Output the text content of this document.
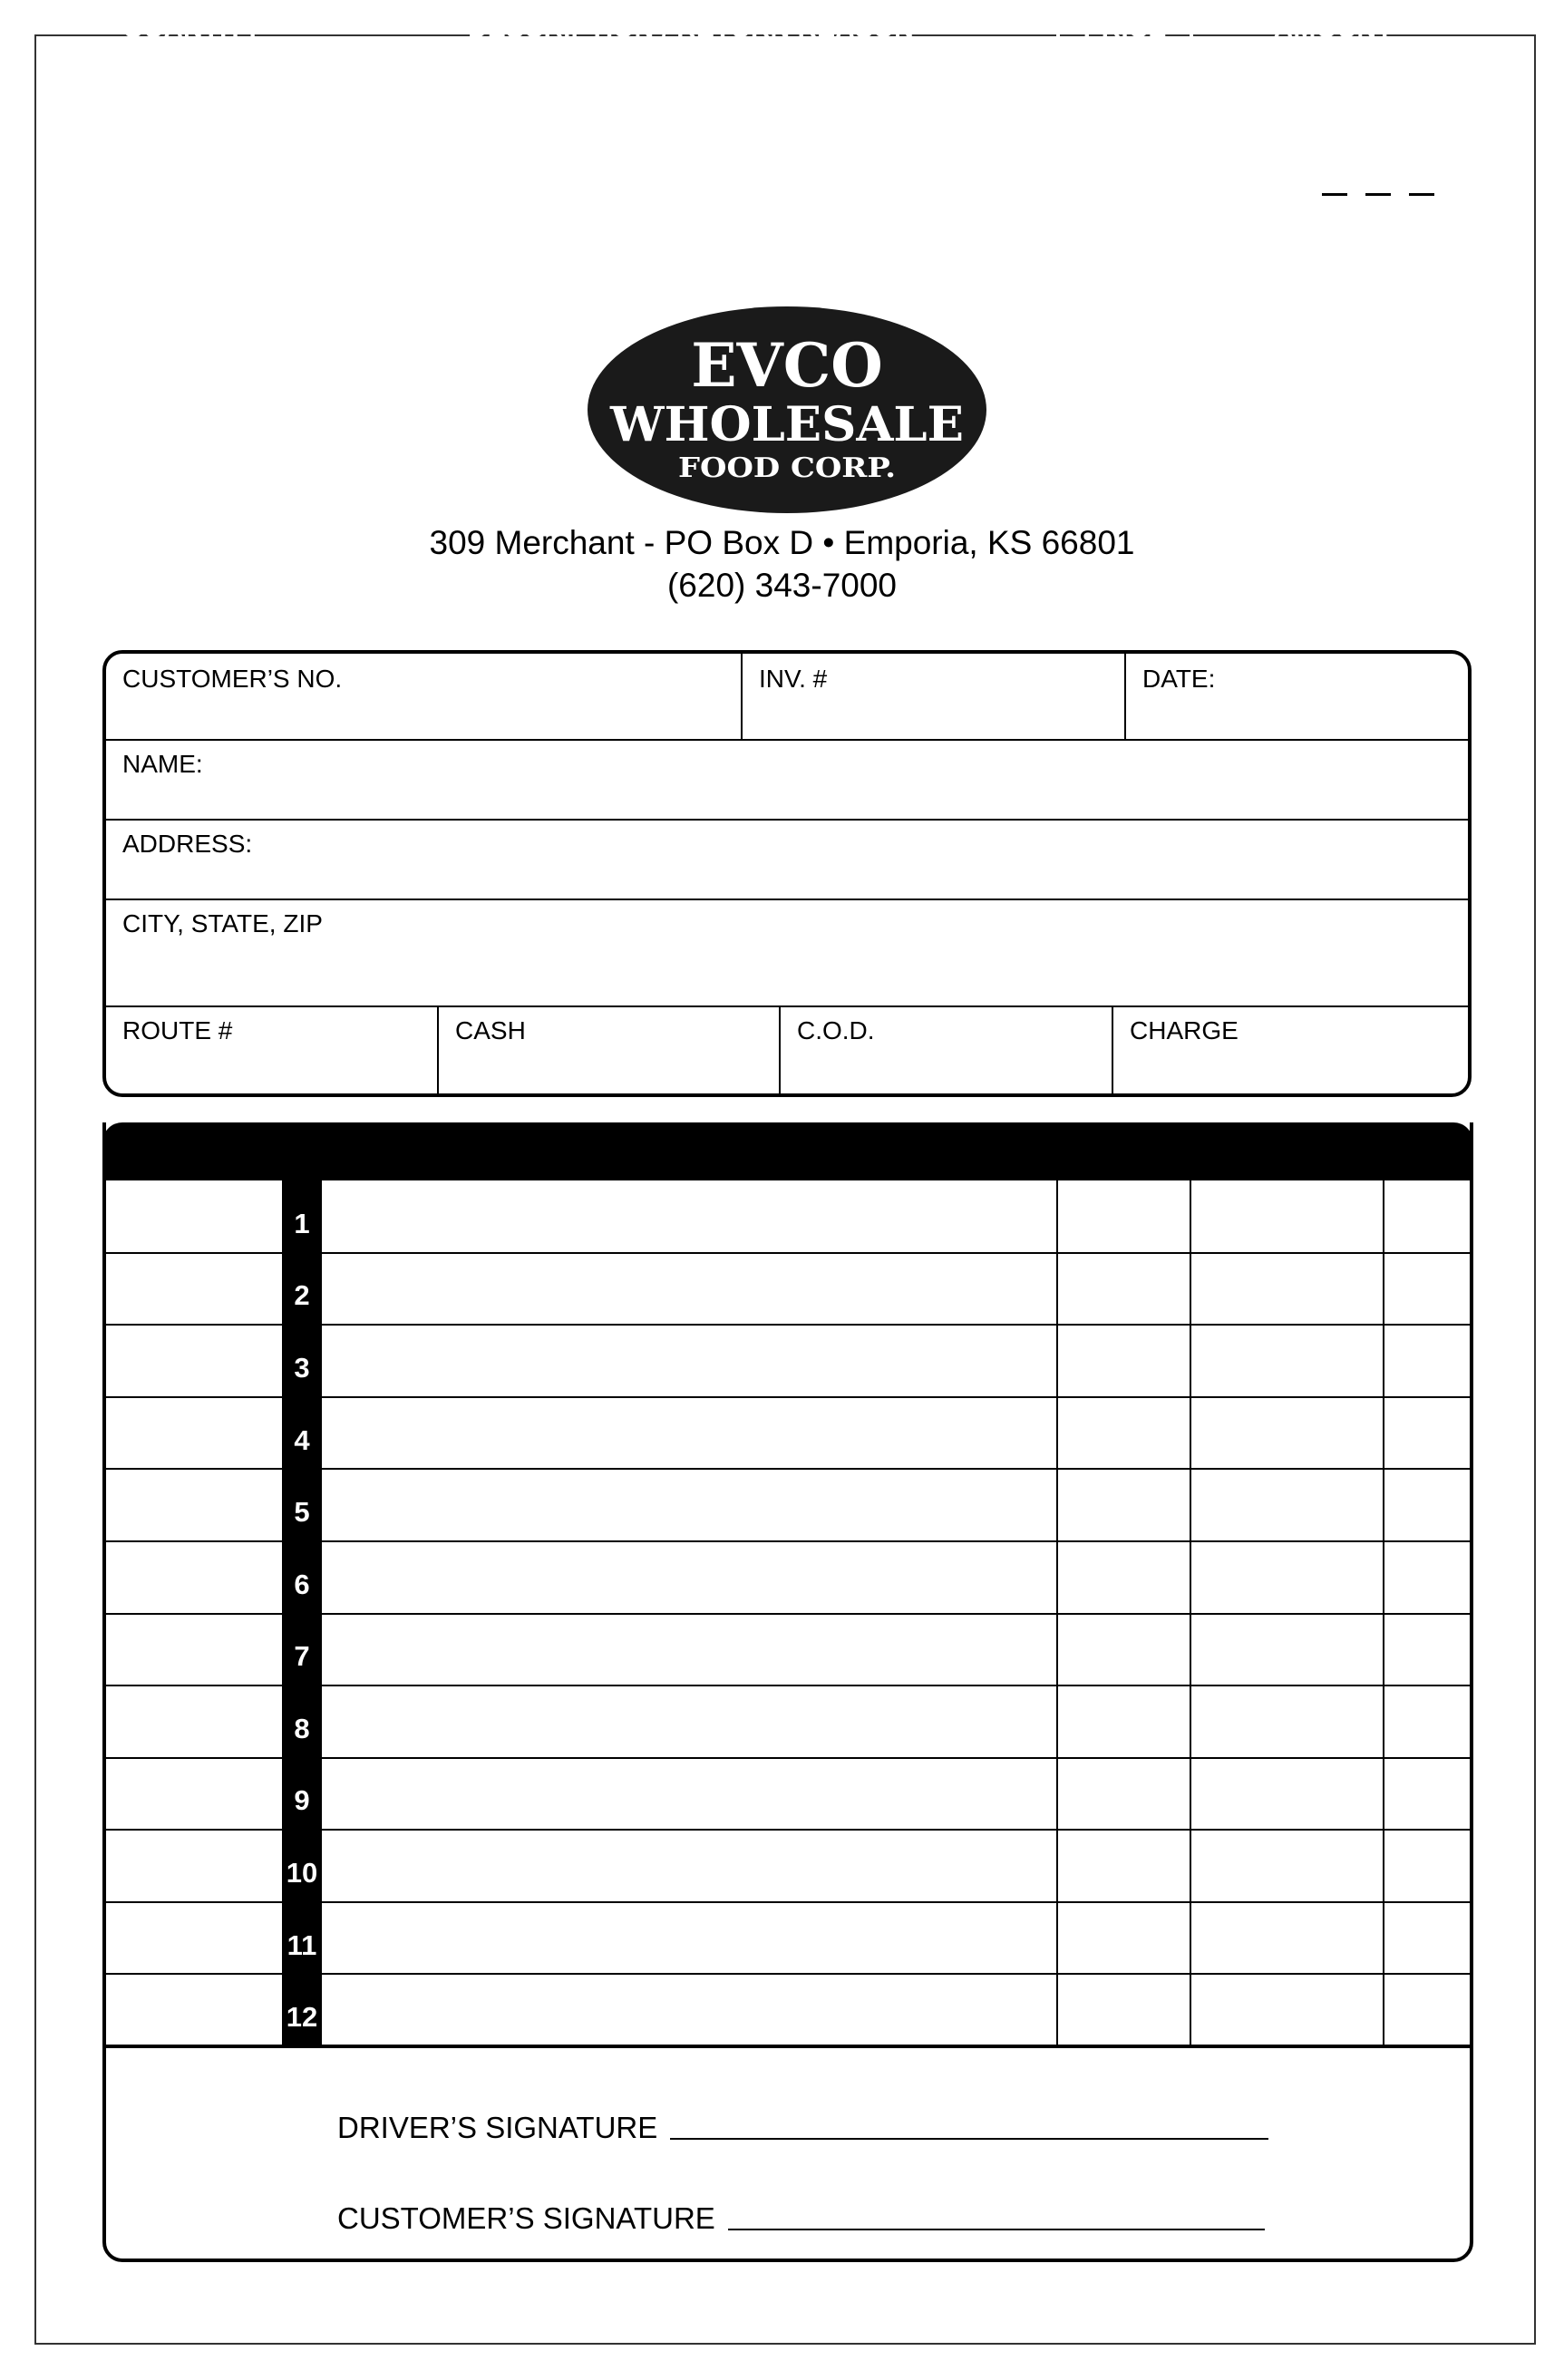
EVCO
WHOLESALE
FOOD CORP.
309 Merchant - PO Box D • Emporia, KS 66801
(620) 343-7000
CUSTOMER’S NO.	INV. #	DATE:
NAME:
ADDRESS:
CITY, STATE, ZIP
ROUTE #	CASH	C.O.D.	CHARGE
QUANTITY	DESCRIPTION / RETURN REASON	PRICE	AMOUNT
1
2
3
4
5
6
7
8
9
10
11
12
DRIVER’S SIGNATURE
CUSTOMER’S SIGNATURE
